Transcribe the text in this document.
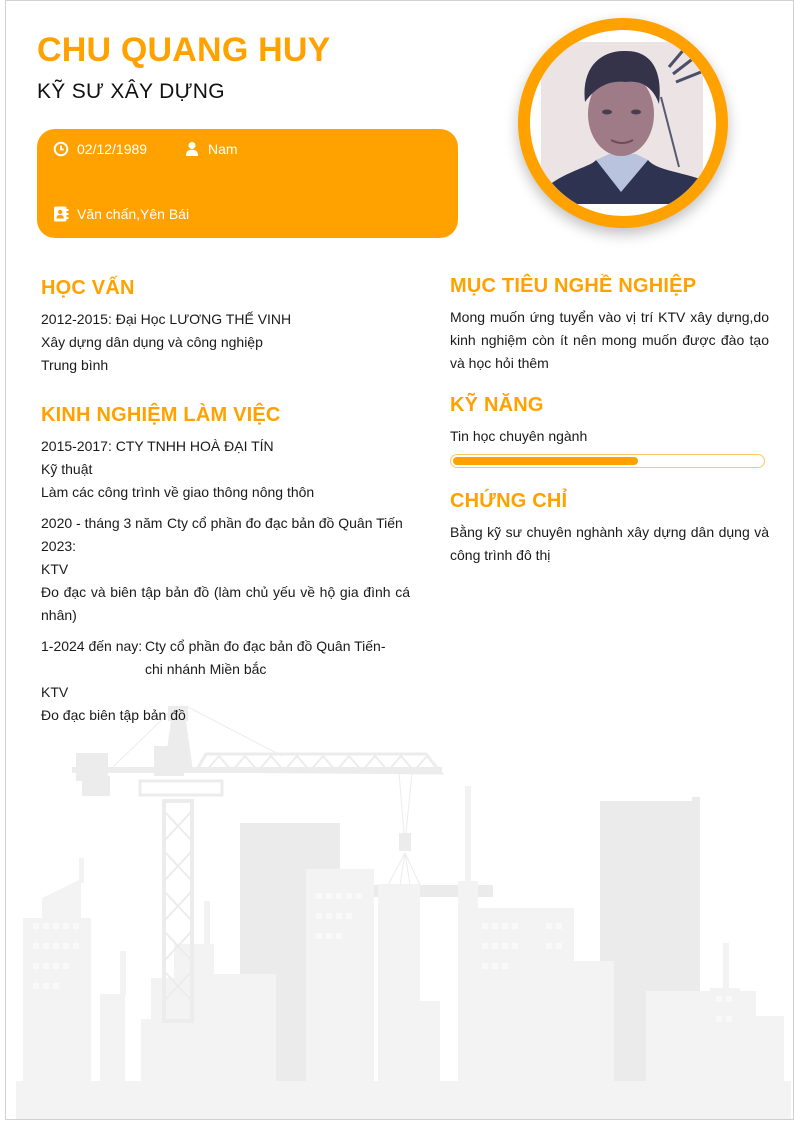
CHU QUANG HUY
KỸ SƯ XÂY DỰNG
02/12/1989	Nam
Văn chấn,Yên Bái
HỌC VẤN
2012-2015: Đại Học LƯƠNG THẾ VINH
Xây dựng dân dụng và công nghiệp
Trung bình
KINH NGHIỆM LÀM VIỆC
2015-2017: CTY TNHH HOÀ ĐẠI TÍN
Kỹ thuật
Làm các công trình về giao thông nông thôn
2020 - tháng 3 năm Cty cổ phần đo đạc bản đồ Quân Tiến
2023:
KTV
Đo đạc và biên tập bản đồ (làm chủ yếu về hộ gia đình cá nhân)
1-2024 đến nay: Cty cổ phần đo đạc bản đồ Quân Tiến-
chi nhánh Miền bắc
KTV
Đo đạc biên tập bản đồ
MỤC TIÊU NGHỀ NGHIỆP
Mong muốn ứng tuyển vào vị trí KTV xây dựng,do kinh nghiệm còn ít nên mong muốn được đào tạo và học hỏi thêm
KỸ NĂNG
Tin học chuyên ngành
CHỨNG CHỈ
Bằng kỹ sư chuyên nghành xây dựng dân dụng và công trình đô thị
